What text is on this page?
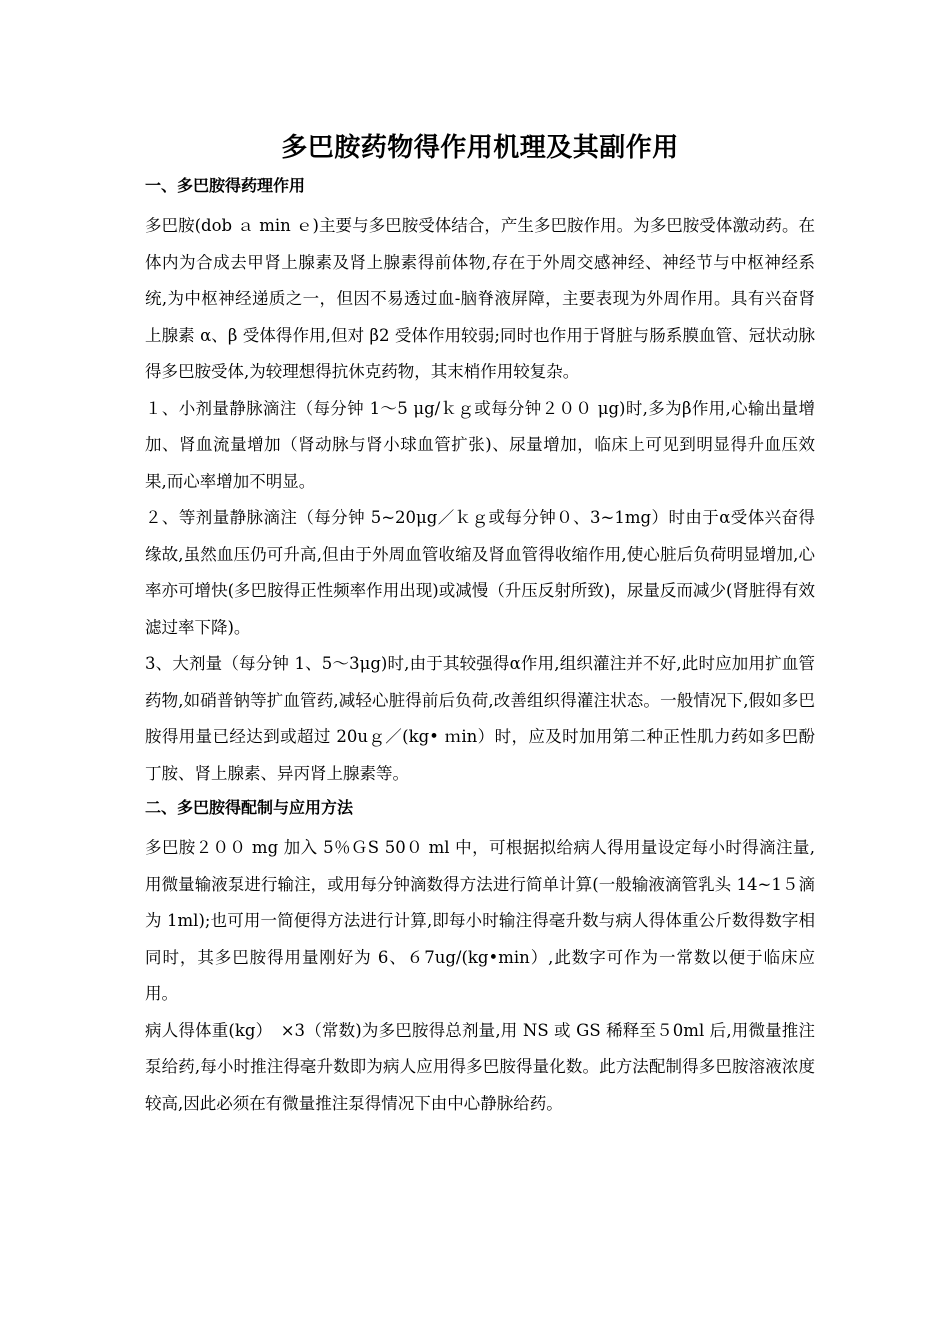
多巴胺药物得作用机理及其副作用
一、多巴胺得药理作用

多巴胺(dob ａ min ｅ)主要与多巴胺受体结合，产生多巴胺作用。为多巴胺受体激动药。在体内为合成去甲肾上腺素及肾上腺素得前体物,存在于外周交感神经、神经节与中枢神经系统,为中枢神经递质之一，但因不易透过血-脑脊液屏障，主要表现为外周作用。具有兴奋肾上腺素 α、β 受体得作用,但对 β2 受体作用较弱;同时也作用于肾脏与肠系膜血管、冠状动脉得多巴胺受体,为较理想得抗休克药物，其末梢作用较复杂。

１、小剂量静脉滴注（每分钟 1～5 μg/ｋｇ或每分钟２００ μg)时,多为β作用,心输出量增加、肾血流量增加（肾动脉与肾小球血管扩张)、尿量增加，临床上可见到明显得升血压效果,而心率增加不明显。

２、等剂量静脉滴注（每分钟 5~20μg／ｋｇ或每分钟０、3~1mg）时由于α受体兴奋得缘故,虽然血压仍可升高,但由于外周血管收缩及肾血管得收缩作用,使心脏后负荷明显增加,心率亦可增快(多巴胺得正性频率作用出现)或减慢（升压反射所致)，尿量反而减少(肾脏得有效滤过率下降)。

3、大剂量（每分钟 1、5～3μg)时,由于其较强得α作用,组织灌注并不好,此时应加用扩血管药物,如硝普钠等扩血管药,减轻心脏得前后负荷,改善组织得灌注状态。一般情况下,假如多巴胺得用量已经达到或超过 20uｇ／(kg• ｍin）时，应及时加用第二种正性肌力药如多巴酚丁胺、肾上腺素、异丙肾上腺素等。

二、多巴胺得配制与应用方法

多巴胺２００ mg 加入 5％ＧS 50０ ml 中，可根据拟给病人得用量设定每小时得滴注量,用微量输液泵进行输注，或用每分钟滴数得方法进行简单计算(一般输液滴管乳头 14~1５滴为 1ml);也可用一简便得方法进行计算,即每小时输注得毫升数与病人得体重公斤数得数字相同时，其多巴胺得用量刚好为 6、６7ug/(kg•min）,此数字可作为一常数以便于临床应用。

病人得体重(kg）　×3（常数)为多巴胺得总剂量,用 NS 或 GS 稀释至５0ml 后,用微量推注泵给药,每小时推注得毫升数即为病人应用得多巴胺得量化数。此方法配制得多巴胺溶液浓度较高,因此必须在有微量推注泵得情况下由中心静脉给药。
